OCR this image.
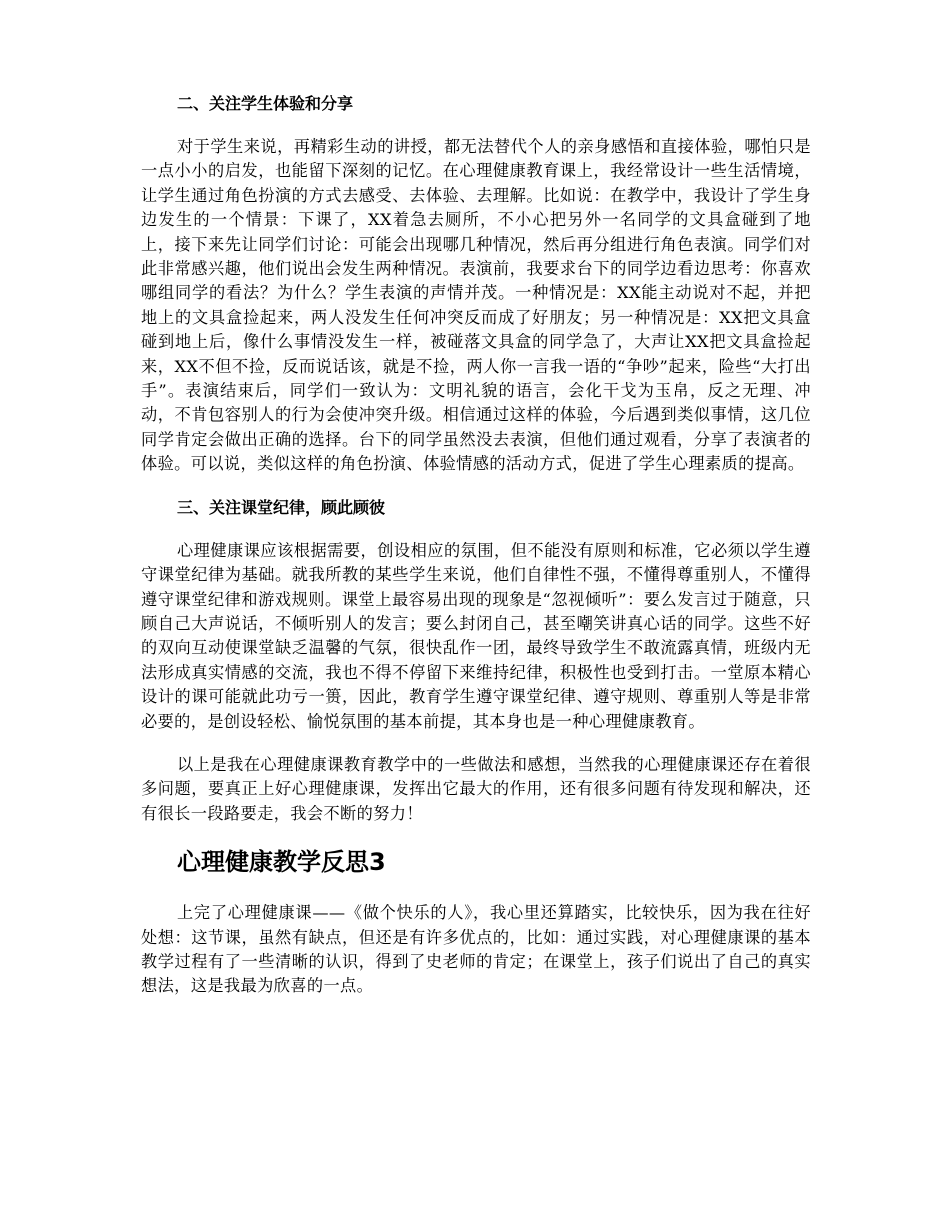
二、关注学生体验和分享

对于学生来说，再精彩生动的讲授，都无法替代个人的亲身感悟和直接体验，哪怕只是一点小小的启发，也能留下深刻的记忆。在心理健康教育课上，我经常设计一些生活情境，让学生通过角色扮演的方式去感受、去体验、去理解。比如说：在教学中，我设计了学生身边发生的一个情景：下课了，XX着急去厕所，不小心把另外一名同学的文具盒碰到了地上，接下来先让同学们讨论：可能会出现哪几种情况，然后再分组进行角色表演。同学们对此非常感兴趣，他们说出会发生两种情况。表演前，我要求台下的同学边看边思考：你喜欢哪组同学的看法？为什么？学生表演的声情并茂。一种情况是：XX能主动说对不起，并把地上的文具盒捡起来，两人没发生任何冲突反而成了好朋友；另一种情况是：XX把文具盒碰到地上后，像什么事情没发生一样，被碰落文具盒的同学急了，大声让XX把文具盒捡起来，XX不但不捡，反而说话该，就是不捡，两人你一言我一语的“争吵”起来，险些“大打出手”。表演结束后，同学们一致认为：文明礼貌的语言，会化干戈为玉帛，反之无理、冲动，不肯包容别人的行为会使冲突升级。相信通过这样的体验，今后遇到类似事情，这几位同学肯定会做出正确的选择。台下的同学虽然没去表演，但他们通过观看，分享了表演者的体验。可以说，类似这样的角色扮演、体验情感的活动方式，促进了学生心理素质的提高。

三、关注课堂纪律，顾此顾彼

心理健康课应该根据需要，创设相应的氛围，但不能没有原则和标准，它必须以学生遵守课堂纪律为基础。就我所教的某些学生来说，他们自律性不强，不懂得尊重别人，不懂得遵守课堂纪律和游戏规则。课堂上最容易出现的现象是“忽视倾听”：要么发言过于随意，只顾自己大声说话，不倾听别人的发言；要么封闭自己，甚至嘲笑讲真心话的同学。这些不好的双向互动使课堂缺乏温馨的气氛，很快乱作一团，最终导致学生不敢流露真情，班级内无法形成真实情感的交流，我也不得不停留下来维持纪律，积极性也受到打击。一堂原本精心设计的课可能就此功亏一篑，因此，教育学生遵守课堂纪律、遵守规则、尊重别人等是非常必要的，是创设轻松、愉悦氛围的基本前提，其本身也是一种心理健康教育。

以上是我在心理健康课教育教学中的一些做法和感想，当然我的心理健康课还存在着很多问题，要真正上好心理健康课，发挥出它最大的作用，还有很多问题有待发现和解决，还有很长一段路要走，我会不断的努力！

心理健康教学反思3

上完了心理健康课——《做个快乐的人》，我心里还算踏实，比较快乐，因为我在往好处想：这节课，虽然有缺点，但还是有许多优点的，比如：通过实践，对心理健康课的基本教学过程有了一些清晰的认识，得到了史老师的肯定；在课堂上，孩子们说出了自己的真实想法，这是我最为欣喜的一点。
